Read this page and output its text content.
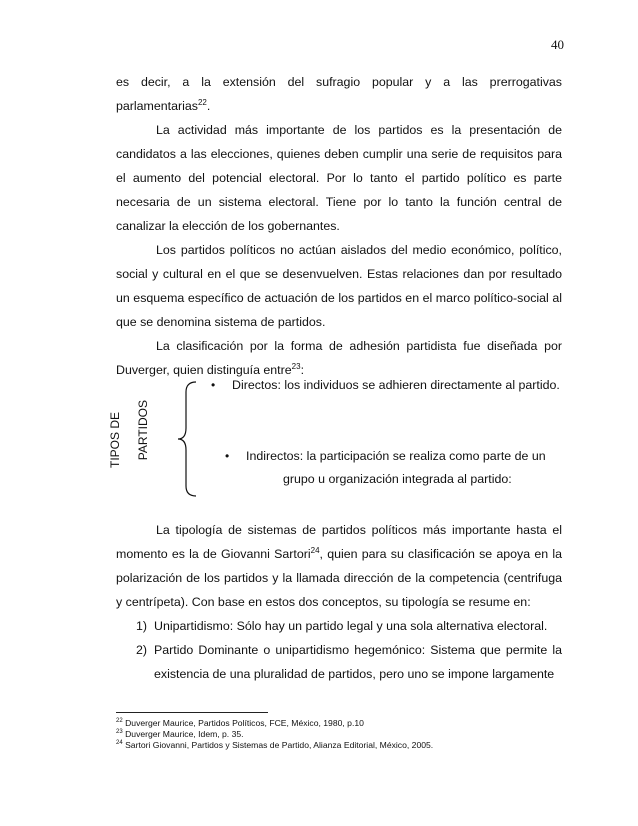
40

es decir, a la extensión del sufragio popular y a las prerrogativas parlamentarias$^{22}$.

La actividad más importante de los partidos es la presentación de candidatos a las elecciones, quienes deben cumplir una serie de requisitos para el aumento del potencial electoral. Por lo tanto el partido político es parte necesaria de un sistema electoral. Tiene por lo tanto la función central de canalizar la elección de los gobernantes.

Los partidos políticos no actúan aislados del medio económico, político, social y cultural en el que se desenvuelven. Estas relaciones dan por resultado un esquema específico de actuación de los partidos en el marco político-social al que se denomina sistema de partidos.

La clasificación por la forma de adhesión partidista fue diseñada por Duverger, quien distinguía entre$^{23}$:

TIPOS DE PARTIDOS
• Directos: los individuos se adhieren directamente al partido.
• Indirectos: la participación se realiza como parte de un
grupo u organización integrada al partido:

La tipología de sistemas de partidos políticos más importante hasta el momento es la de Giovanni Sartori$^{24}$, quien para su clasificación se apoya en la polarización de los partidos y la llamada dirección de la competencia (centrifuga y centrípeta). Con base en estos dos conceptos, su tipología se resume en:

1) Unipartidismo: Sólo hay un partido legal y una sola alternativa electoral.
2) Partido Dominante o unipartidismo hegemónico: Sistema que permite la existencia de una pluralidad de partidos, pero uno se impone largamente
$^{22}$ Duverger Maurice, Partidos Políticos, FCE, México, 1980, p.10
$^{23}$ Duverger Maurice, Idem, p. 35.
$^{24}$ Sartori Giovanni, Partidos y Sistemas de Partido, Alianza Editorial, México, 2005.
